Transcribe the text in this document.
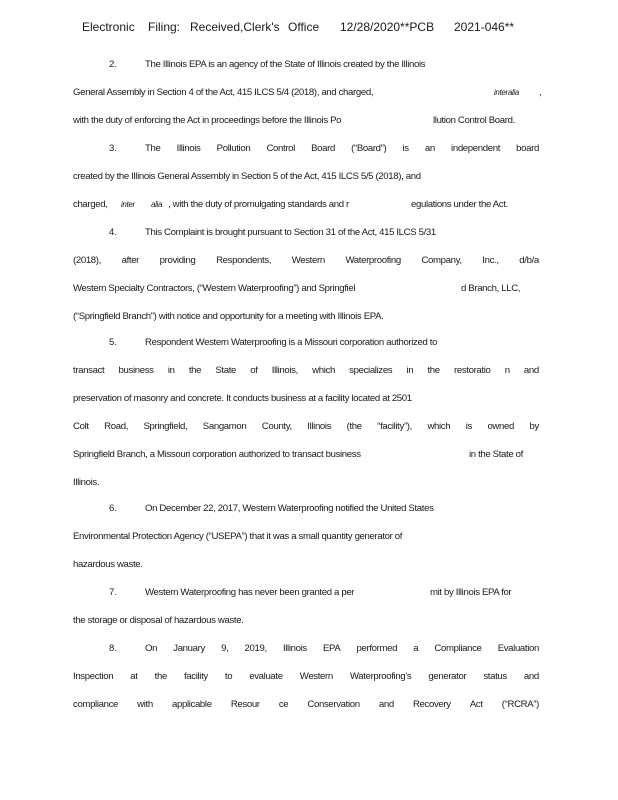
Electronic Filing: Received,Clerk's Office 12/28/2020**PCB 2021-046**
2.	The Illinois EPA is an agency of the State of Illinois created by the Illinois
General Assembly in Section 4 of the Act, 415 ILCS 5/4 (2018), and charged,	interalia ,
with the duty of enforcing the Act in proceedings before the Illinois Po	llution Control Board.
3.	The Illinois Pollution Control Board (“Board”) is an independent board
created by the Illinois General Assembly in Section 5 of the Act, 415 ILCS 5/5 (2018), and
charged, inter alia , with the duty of promulgating standards and r	egulations under the Act.
4.	This Complaint is brought pursuant to Section 31 of the Act, 415 ILCS 5/31
(2018), after providing Respondents, Western Waterproofing Company, Inc., d/b/a
Western Specialty Contractors, (“Western Waterproofing”) and Springfiel	d Branch, LLC,
(“Springfield Branch”) with notice and opportunity for a meeting with Illinois EPA.
5.	Respondent Western Waterproofing is a Missouri corporation authorized to
transact business in the State of Illinois, which specializes in the restoratio n and
preservation of masonry and concrete. It conducts business at a facility located at 2501
Colt Road, Springfield, Sangamon County, Illinois (the “facility”), which is owned by
Springfield Branch, a Missouri corporation authorized to transact business	in the State of
Illinois.
6.	On December 22, 2017, Western Waterproofing notified the United States
Environmental Protection Agency (“USEPA”) that it was a small quantity generator of
hazardous waste.
7.	Western Waterproofing has never been granted a per	mit by Illinois EPA for
the storage or disposal of hazardous waste.
8.	On January 9, 2019, Illinois EPA performed a Compliance Evaluation
Inspection at the facility to evaluate Western Waterproofing’s generator status and
compliance with applicable Resour ce Conservation and Recovery Act (“RCRA”)
